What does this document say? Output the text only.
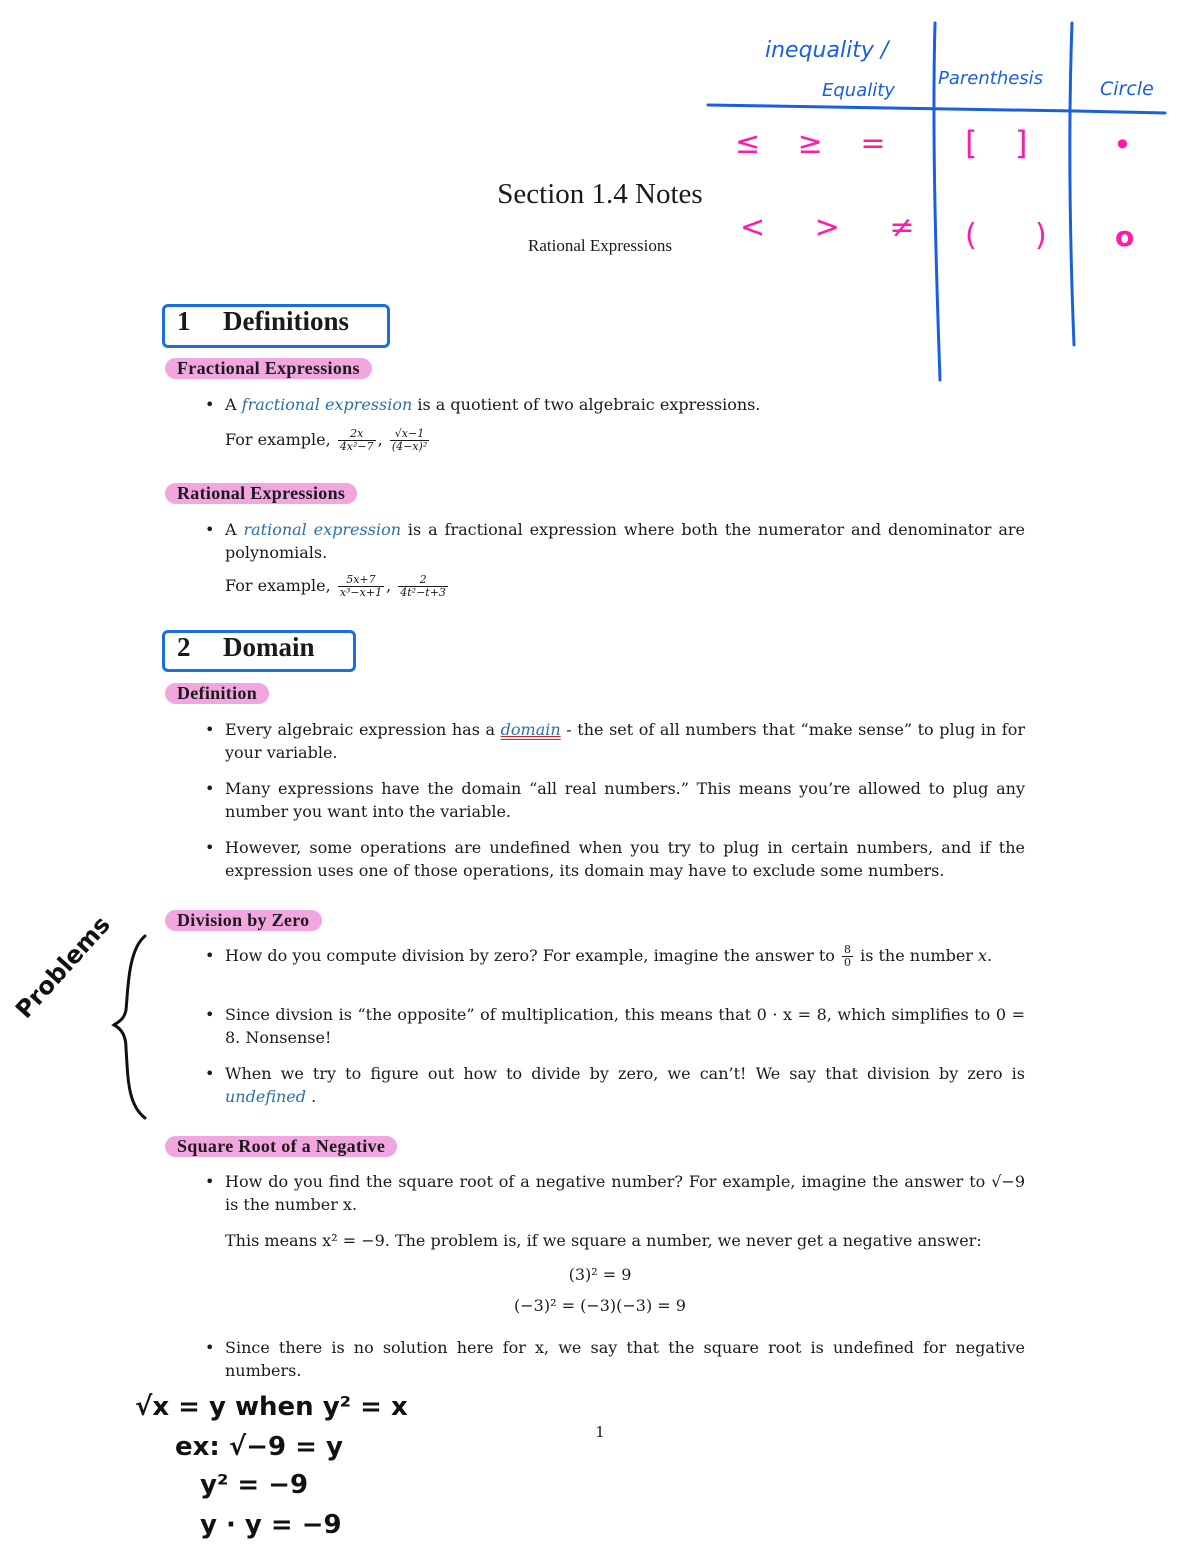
inequality /
Equality
Parenthesis	Circle
≤ ≥ = [ ]	•
< > ≠ ( ) o
Section 1.4 Notes
Rational Expressions
1 Definitions
Fractional Expressions
• A fractional expression is a quotient of two algebraic expressions.
For example, $\frac{2x}{\text{4x²−7}}$ , $\frac{√x-1}{\text{(4−x)²}}$
Rational Expressions
• A rational expression is a fractional expression where both the numerator and denominator are polynomials.
For example, $\frac{5x+7}{\text{x³−x+1}}$ , $\frac{2}{\text{4t²−t+3}}$
2 Domain
Definition
• Every algebraic expression has a domain - the set of all numbers that “make sense” to plug in for your variable.
• Many expressions have the domain “all real numbers.” This means you’re allowed to plug any number you want into the variable.
• However, some operations are undefined when you try to plug in certain numbers, and if the expression uses one of those operations, its domain may have to exclude some numbers.
Division by Zero
• How do you compute division by zero? For example, imagine the answer to $\frac{8}{0}$ is the number x.
• Since divsion is “the opposite” of multiplication, this means that 0 · x = 8, which simplifies to 0 = 8. Nonsense!
• When we try to figure out how to divide by zero, we can’t! We say that division by zero is undefined .
Problems
Square Root of a Negative
• How do you find the square root of a negative number? For example, imagine the answer to √−9 is the number x.
This means x² = −9. The problem is, if we square a number, we never get a negative answer:
(3)² = 9
(−3)² = (−3)(−3) = 9
• Since there is no solution here for x, we say that the square root is undefined for negative numbers.
√x = y when y² = x
ex: √−9 = y
y² = −9
y · y = −9
1
